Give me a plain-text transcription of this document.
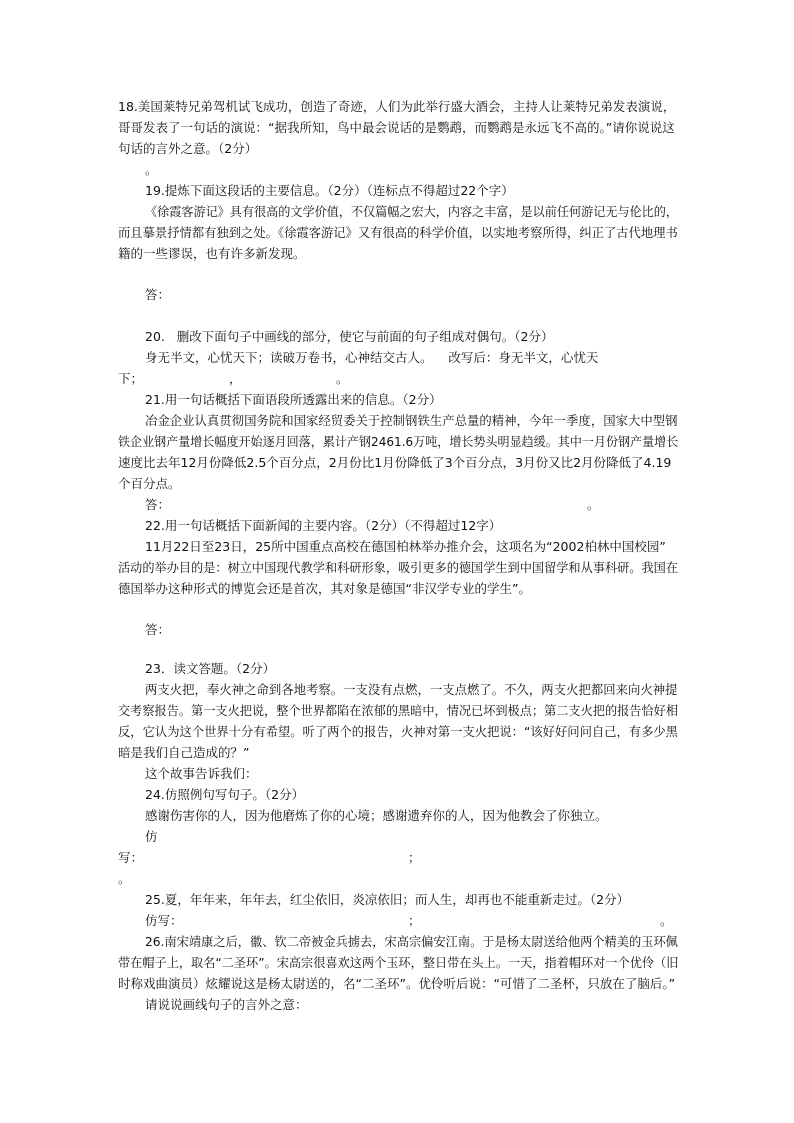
18.美国莱特兄弟驾机试飞成功，创造了奇迹，人们为此举行盛大酒会，主持人让莱特兄弟发表演说，
哥哥发表了一句话的演说：“据我所知，鸟中最会说话的是鹦鹉，而鹦鹉是永远飞不高的。”请你说说这
句话的言外之意。（2分）
。
19.提炼下面这段话的主要信息。（2分）（连标点不得超过22个字）
《徐霞客游记》具有很高的文学价值，不仅篇幅之宏大，内容之丰富，是以前任何游记无与伦比的，
而且摹景抒情都有独到之处。《徐霞客游记》又有很高的科学价值，以实地考察所得，纠正了古代地理书
籍的一些谬误，也有许多新发现。
答：
20.   删改下面句子中画线的部分，使它与前面的句子组成对偶句。（2分）
身无半文，心忧天下；读破万卷书，心神结交古人。    改写后：身无半文，心忧天
下；	，	。
21.用一句话概括下面语段所透露出来的信息。（2分）
冶金企业认真贯彻国务院和国家经贸委关于控制钢铁生产总量的精神，今年一季度，国家大中型钢
铁企业钢产量增长幅度开始逐月回落，累计产钢2461.6万吨，增长势头明显趋缓。其中一月份钢产量增长
速度比去年12月份降低2.5个百分点，2月份比1月份降低了3个百分点，3月份又比2月份降低了4.19
个百分点。
答：	。
22.用一句话概括下面新闻的主要内容。（2分）（不得超过12字）
11月22日至23日，25所中国重点高校在德国柏林举办推介会，这项名为“2002柏林中国校园”
活动的举办目的是：树立中国现代教学和科研形象，吸引更多的德国学生到中国留学和从事科研。我国在
德国举办这种形式的博览会还是首次，其对象是德国“非汉学专业的学生”。
答：
23．读文答题。（2分）
两支火把，奉火神之命到各地考察。一支没有点燃，一支点燃了。不久，两支火把都回来向火神提
交考察报告。第一支火把说，整个世界都陷在浓郁的黑暗中，情况已坏到极点；第二支火把的报告恰好相
反，它认为这个世界十分有希望。听了两个的报告，火神对第一支火把说：“该好好问问自己，有多少黑
暗是我们自己造成的？”
这个故事告诉我们：
24.仿照例句写句子。（2分）
感谢伤害你的人，因为他磨炼了你的心境；感谢遗弃你的人，因为他教会了你独立。
仿
写：	；
。
25.夏，年年来，年年去，红尘依旧，炎凉依旧；而人生，却再也不能重新走过。（2分）
仿写：	；	。
26.南宋靖康之后，徽、钦二帝被金兵掳去，宋高宗偏安江南。于是杨太尉送给他两个精美的玉环佩
带在帽子上，取名“二圣环”。宋高宗很喜欢这两个玉环，整日带在头上。一天，指着帽环对一个优伶（旧
时称戏曲演员）炫耀说这是杨太尉送的，名“二圣环”。优伶听后说：“可惜了二圣杯，只放在了脑后。”
请说说画线句子的言外之意：
